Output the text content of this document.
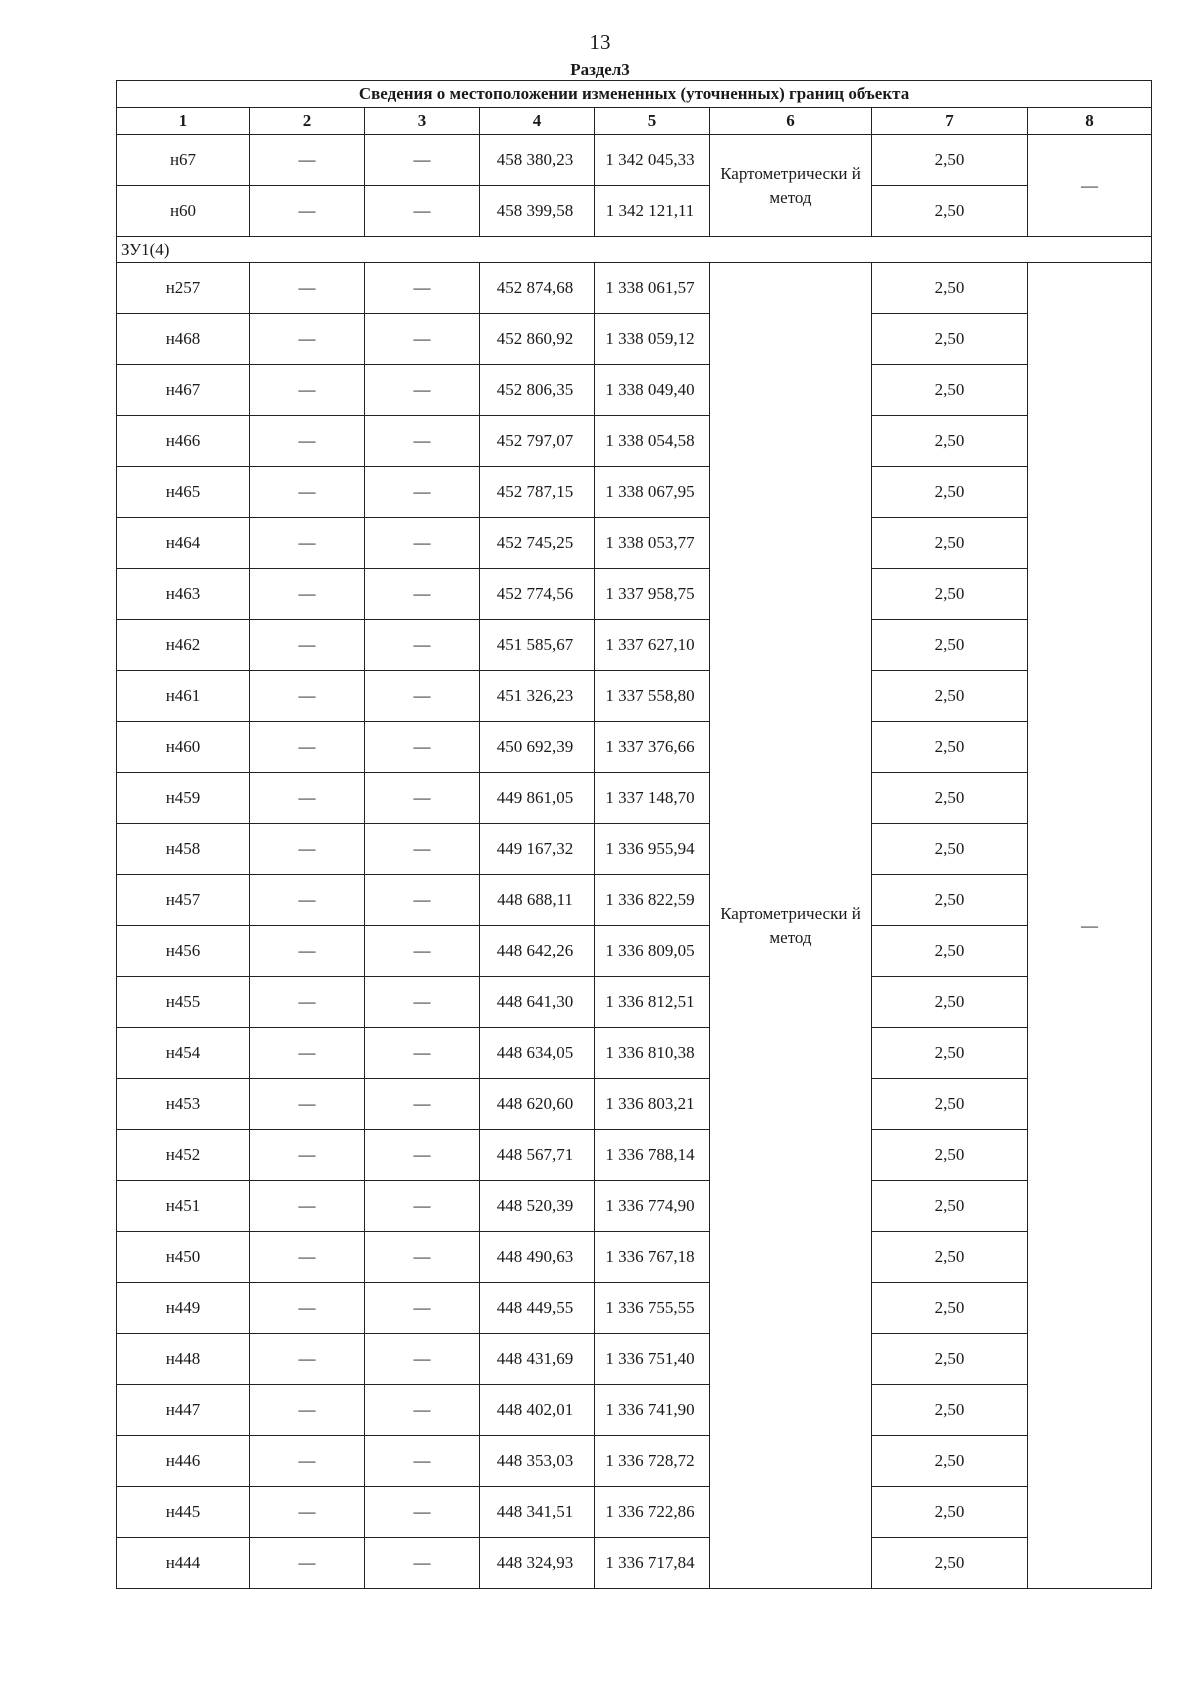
13
Раздел3
Сведения о местоположении измененных (уточненных) границ объекта							
1	2	3	4	5	6	7	8
н67	—	—	458 380,23	1 342 045,33	Картометрически й метод	2,50	—
н60	—	—	458 399,58	1 342 121,11		2,50	
ЗУ1(4)							
н257	—	—	452 874,68	1 338 061,57	Картометрически й метод	2,50	—
н468	—	—	452 860,92	1 338 059,12		2,50	
н467	—	—	452 806,35	1 338 049,40		2,50	
н466	—	—	452 797,07	1 338 054,58		2,50	
н465	—	—	452 787,15	1 338 067,95		2,50	
н464	—	—	452 745,25	1 338 053,77		2,50	
н463	—	—	452 774,56	1 337 958,75		2,50	
н462	—	—	451 585,67	1 337 627,10		2,50	
н461	—	—	451 326,23	1 337 558,80		2,50	
н460	—	—	450 692,39	1 337 376,66		2,50	
н459	—	—	449 861,05	1 337 148,70		2,50	
н458	—	—	449 167,32	1 336 955,94		2,50	
н457	—	—	448 688,11	1 336 822,59		2,50	
н456	—	—	448 642,26	1 336 809,05		2,50	
н455	—	—	448 641,30	1 336 812,51		2,50	
н454	—	—	448 634,05	1 336 810,38		2,50	
н453	—	—	448 620,60	1 336 803,21		2,50	
н452	—	—	448 567,71	1 336 788,14		2,50	
н451	—	—	448 520,39	1 336 774,90		2,50	
н450	—	—	448 490,63	1 336 767,18		2,50	
н449	—	—	448 449,55	1 336 755,55		2,50	
н448	—	—	448 431,69	1 336 751,40		2,50	
н447	—	—	448 402,01	1 336 741,90		2,50	
н446	—	—	448 353,03	1 336 728,72		2,50	
н445	—	—	448 341,51	1 336 722,86		2,50	
н444	—	—	448 324,93	1 336 717,84		2,50	
